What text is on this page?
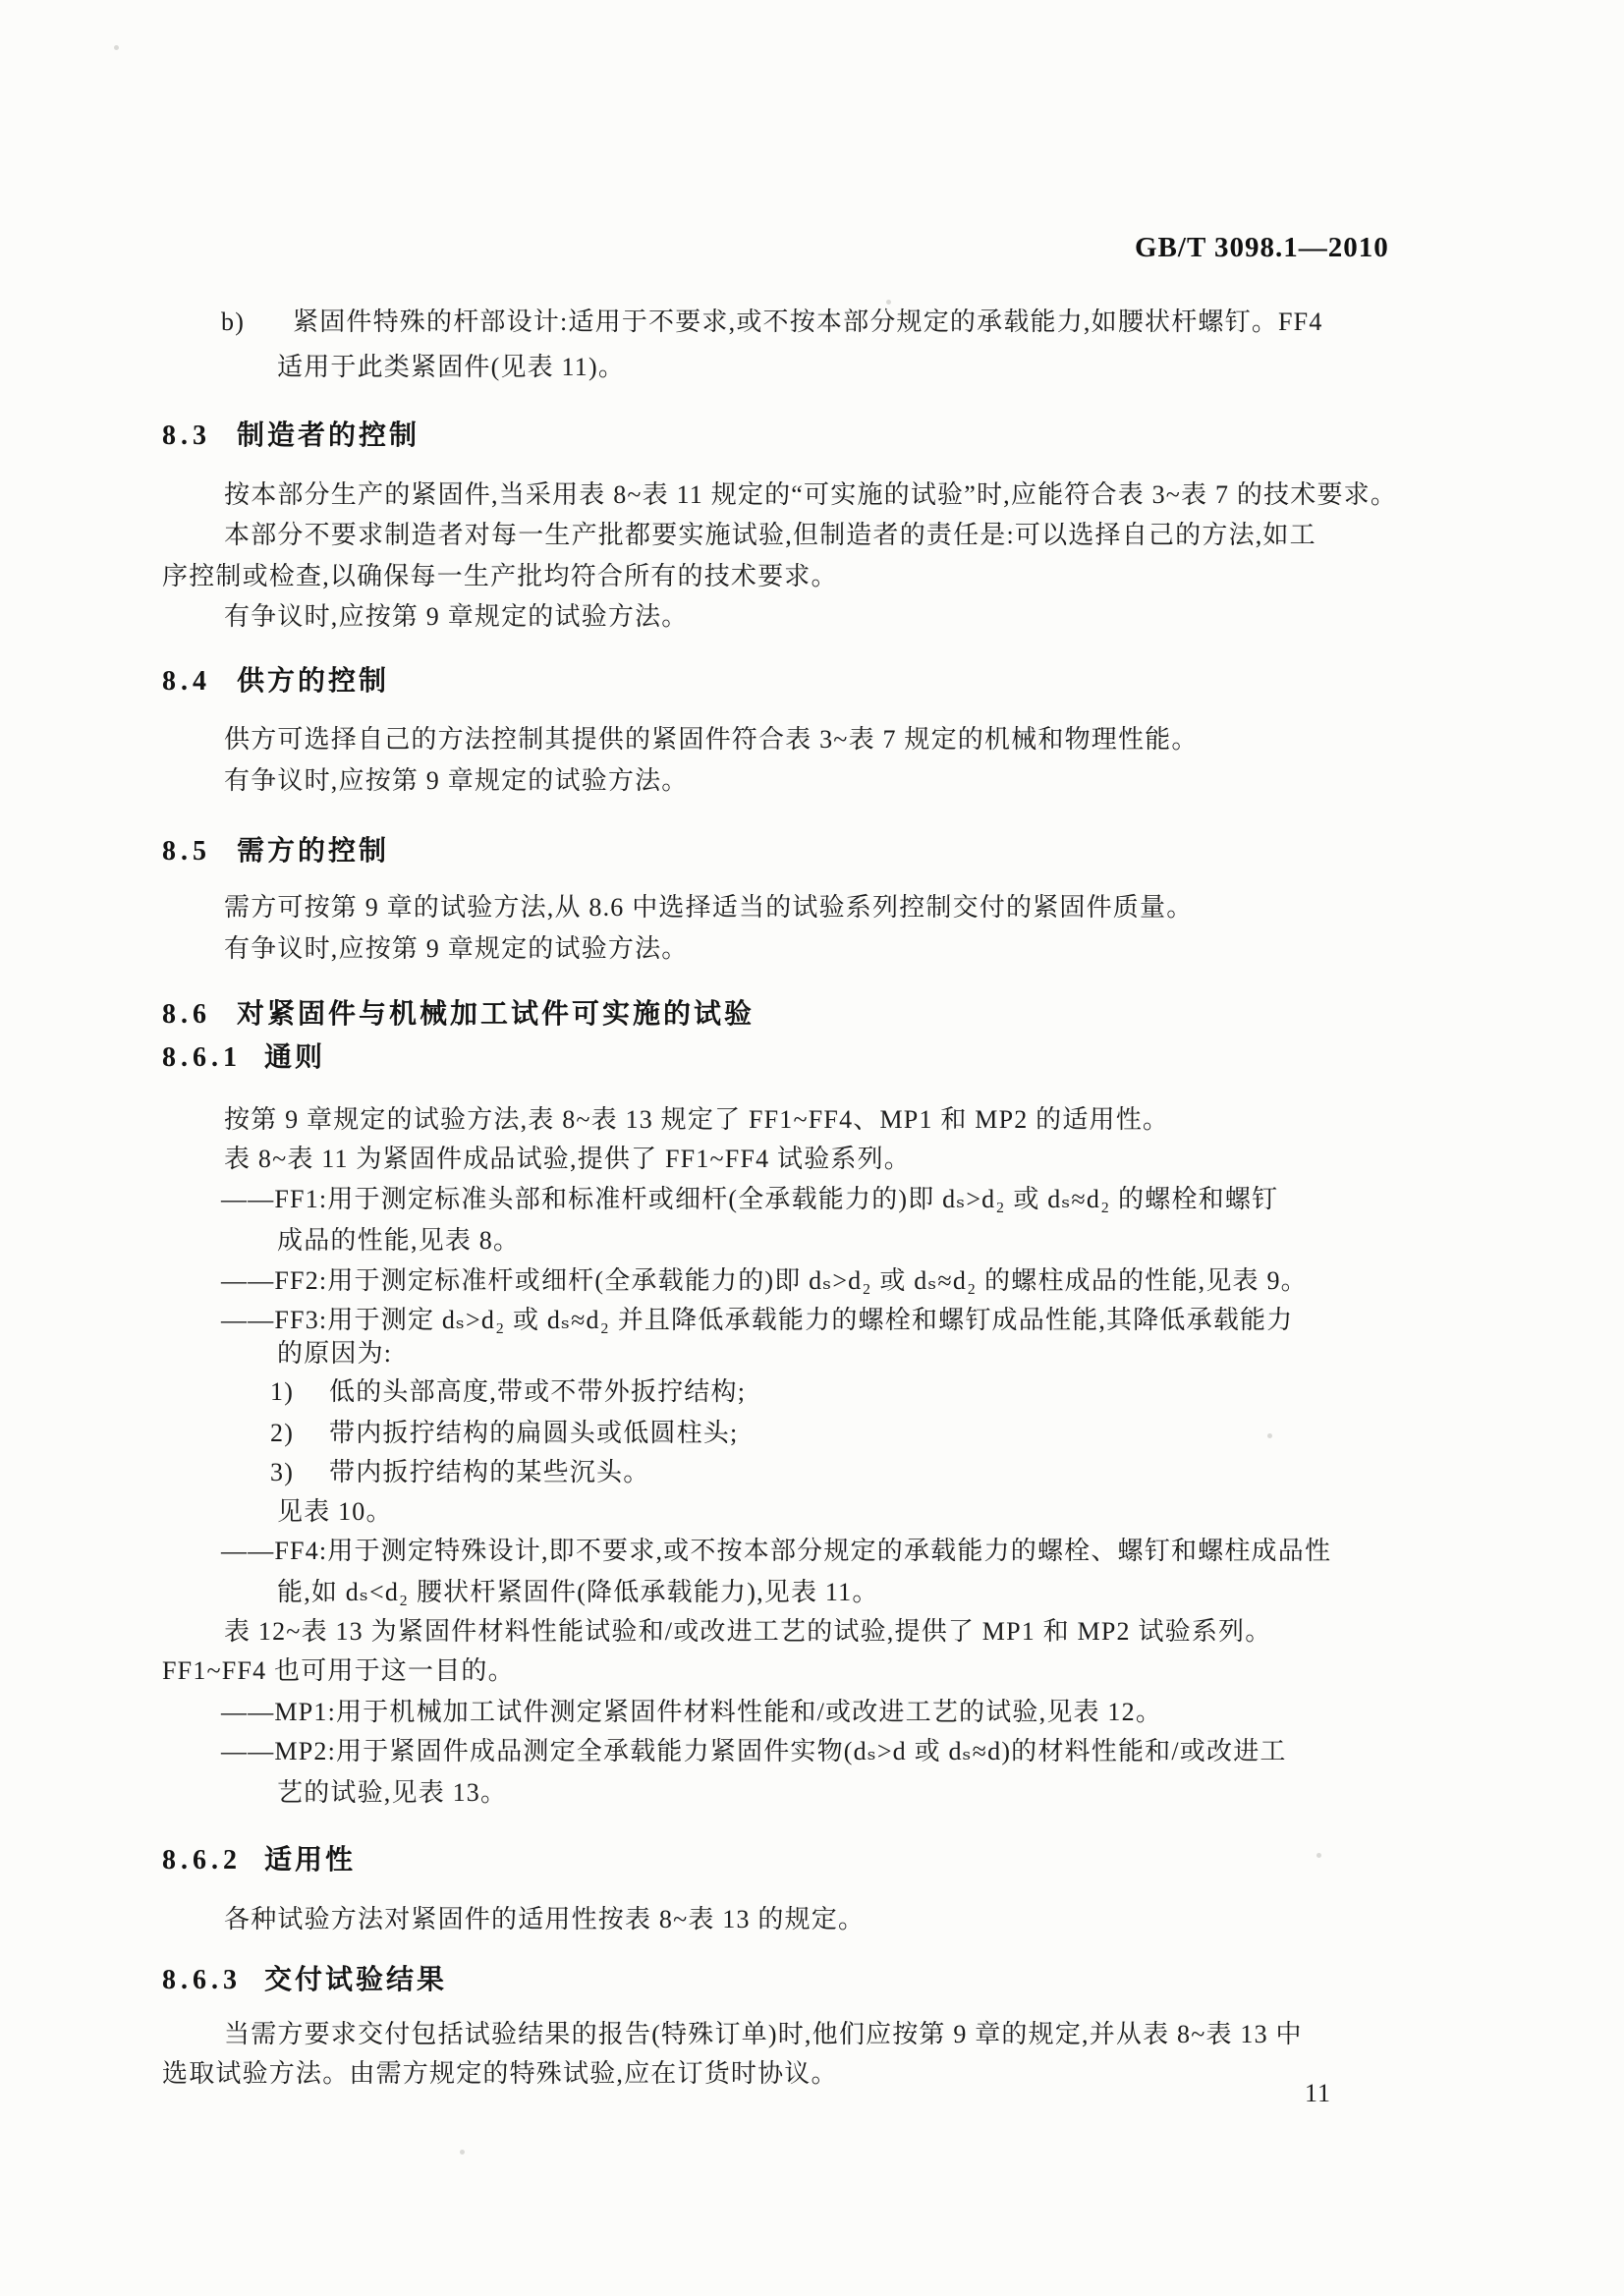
GB/T 3098.1—2010
b) 紧固件特殊的杆部设计:适用于不要求,或不按本部分规定的承载能力,如腰状杆螺钉。FF4
适用于此类紧固件(见表 11)。
8.3 制造者的控制
按本部分生产的紧固件,当采用表 8~表 11 规定的“可实施的试验”时,应能符合表 3~表 7 的技术要求。
本部分不要求制造者对每一生产批都要实施试验,但制造者的责任是:可以选择自己的方法,如工
序控制或检查,以确保每一生产批均符合所有的技术要求。
有争议时,应按第 9 章规定的试验方法。
8.4 供方的控制
供方可选择自己的方法控制其提供的紧固件符合表 3~表 7 规定的机械和物理性能。
有争议时,应按第 9 章规定的试验方法。
8.5 需方的控制
需方可按第 9 章的试验方法,从 8.6 中选择适当的试验系列控制交付的紧固件质量。
有争议时,应按第 9 章规定的试验方法。
8.6 对紧固件与机械加工试件可实施的试验
8.6.1 通则
按第 9 章规定的试验方法,表 8~表 13 规定了 FF1~FF4、MP1 和 MP2 的适用性。
表 8~表 11 为紧固件成品试验,提供了 FF1~FF4 试验系列。
——FF1:用于测定标准头部和标准杆或细杆(全承载能力的)即 dₛ>d₂ 或 dₛ≈d₂ 的螺栓和螺钉
成品的性能,见表 8。
——FF2:用于测定标准杆或细杆(全承载能力的)即 dₛ>d₂ 或 dₛ≈d₂ 的螺柱成品的性能,见表 9。
——FF3:用于测定 dₛ>d₂ 或 dₛ≈d₂ 并且降低承载能力的螺栓和螺钉成品性能,其降低承载能力
的原因为:
1) 低的头部高度,带或不带外扳拧结构;
2) 带内扳拧结构的扁圆头或低圆柱头;
3) 带内扳拧结构的某些沉头。
见表 10。
——FF4:用于测定特殊设计,即不要求,或不按本部分规定的承载能力的螺栓、螺钉和螺柱成品性
能,如 dₛ<d₂ 腰状杆紧固件(降低承载能力),见表 11。
表 12~表 13 为紧固件材料性能试验和/或改进工艺的试验,提供了 MP1 和 MP2 试验系列。
FF1~FF4 也可用于这一目的。
——MP1:用于机械加工试件测定紧固件材料性能和/或改进工艺的试验,见表 12。
——MP2:用于紧固件成品测定全承载能力紧固件实物(dₛ>d 或 dₛ≈d)的材料性能和/或改进工
艺的试验,见表 13。
8.6.2 适用性
各种试验方法对紧固件的适用性按表 8~表 13 的规定。
8.6.3 交付试验结果
当需方要求交付包括试验结果的报告(特殊订单)时,他们应按第 9 章的规定,并从表 8~表 13 中
选取试验方法。由需方规定的特殊试验,应在订货时协议。
11
